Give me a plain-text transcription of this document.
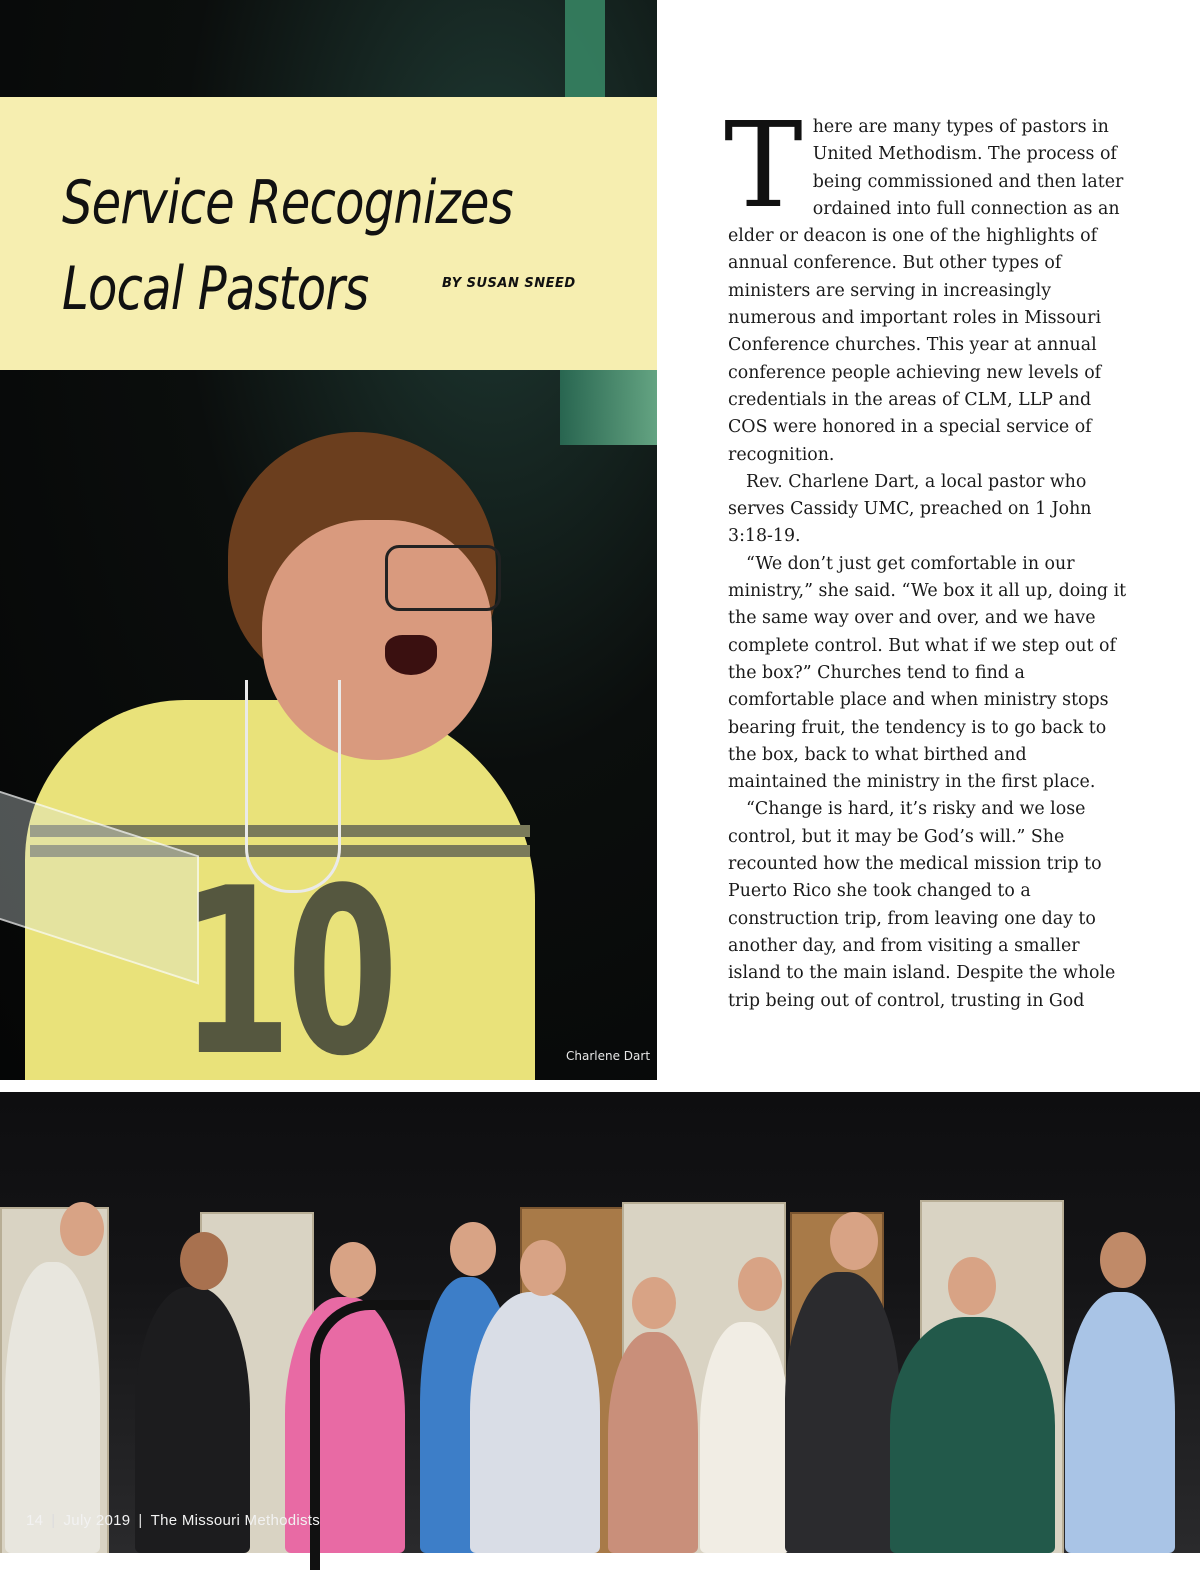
10	Charlene Dart
Service Recognizes
Local Pastors	BY SUSAN SNEED

There are many types of pastors in United Methodism. The process of being commissioned and then later ordained into full connection as an elder or deacon is one of the highlights of annual conference. But other types of ministers are serving in increasingly numerous and important roles in Missouri Conference churches. This year at annual conference people achieving new levels of credentials in the areas of CLM, LLP and COS were honored in a special service of recognition.

Rev. Charlene Dart, a local pastor who serves Cassidy UMC, preached on 1 John 3:18-19.

“We don’t just get comfortable in our ministry,” she said. “We box it all up, doing it the same way over and over, and we have complete control. But what if we step out of the box?” Churches tend to find a comfortable place and when ministry stops bearing fruit, the tendency is to go back to the box, back to what birthed and maintained the ministry in the first place.

“Change is hard, it’s risky and we lose control, but it may be God’s will.” She recounted how the medical mission trip to Puerto Rico she took changed to a construction trip, from leaving one day to another day, and from visiting a smaller island to the main island. Despite the whole trip being out of control, trusting in God

14 | July 2019 | The Missouri Methodists
